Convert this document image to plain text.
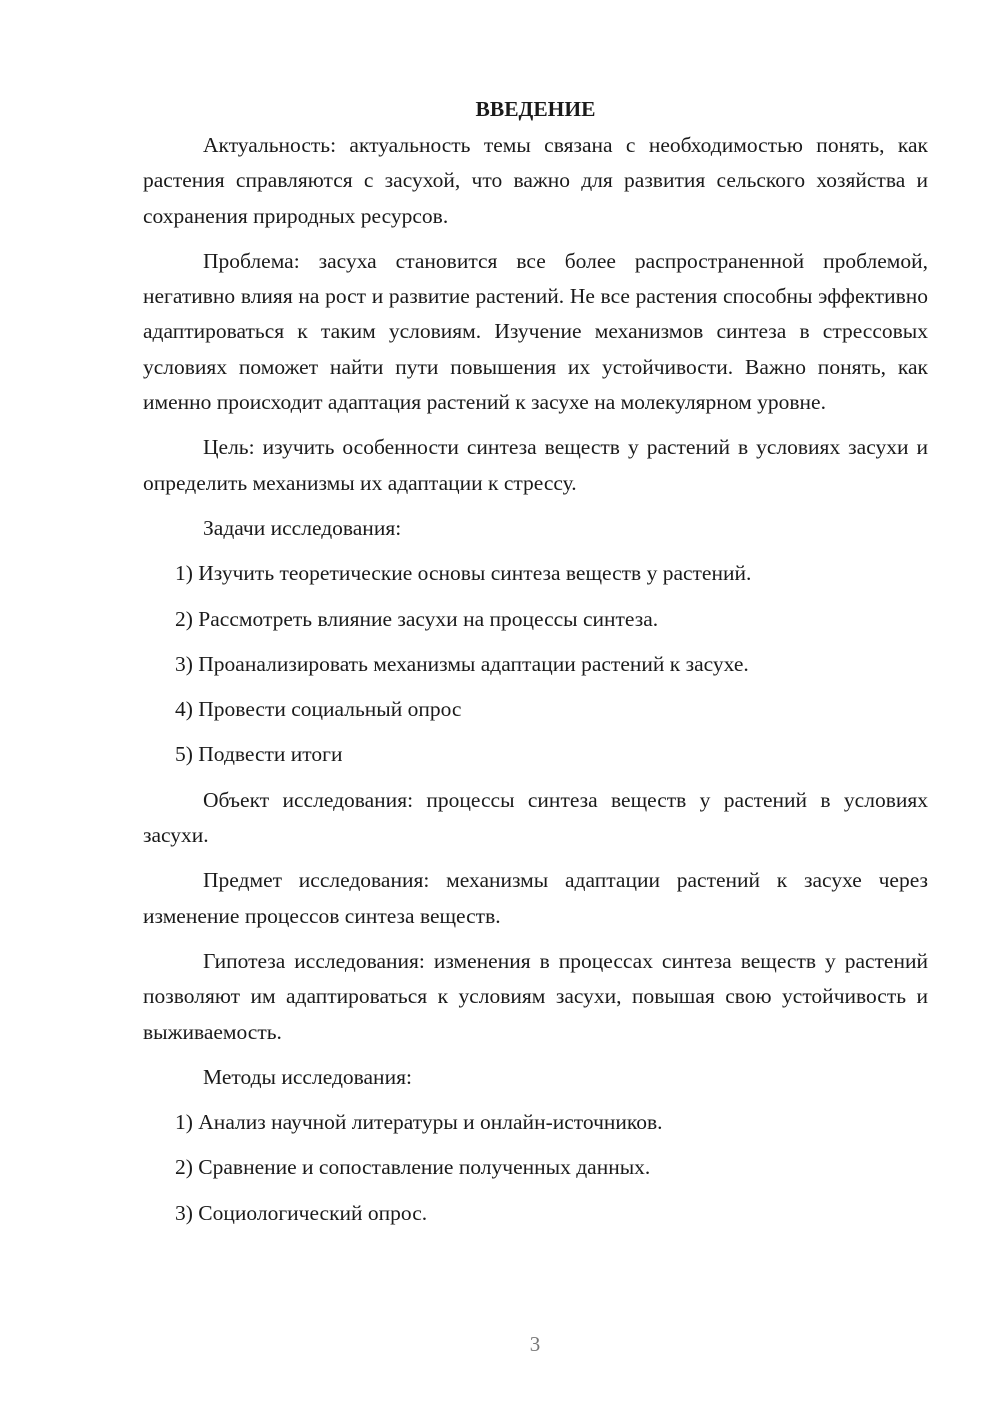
ВВЕДЕНИЕ
Актуальность: актуальность темы связана с необходимостью понять, как растения справляются с засухой, что важно для развития сельского хозяйства и сохранения природных ресурсов.
Проблема: засуха становится все более распространенной проблемой, негативно влияя на рост и развитие растений. Не все растения способны эффективно адаптироваться к таким условиям. Изучение механизмов синтеза в стрессовых условиях поможет найти пути повышения их устойчивости. Важно понять, как именно происходит адаптация растений к засухе на молекулярном уровне.
Цель: изучить особенности синтеза веществ у растений в условиях засухи и определить механизмы их адаптации к стрессу.
Задачи исследования:
1) Изучить теоретические основы синтеза веществ у растений.
2) Рассмотреть влияние засухи на процессы синтеза.
3) Проанализировать механизмы адаптации растений к засухе.
4) Провести социальный опрос
5) Подвести итоги
Объект исследования: процессы синтеза веществ у растений в условиях засухи.
Предмет исследования: механизмы адаптации растений к засухе через изменение процессов синтеза веществ.
Гипотеза исследования: изменения в процессах синтеза веществ у растений позволяют им адаптироваться к условиям засухи, повышая свою устойчивость и выживаемость.
Методы исследования:
1) Анализ научной литературы и онлайн-источников.
2) Сравнение и сопоставление полученных данных.
3) Социологический опрос.
3
